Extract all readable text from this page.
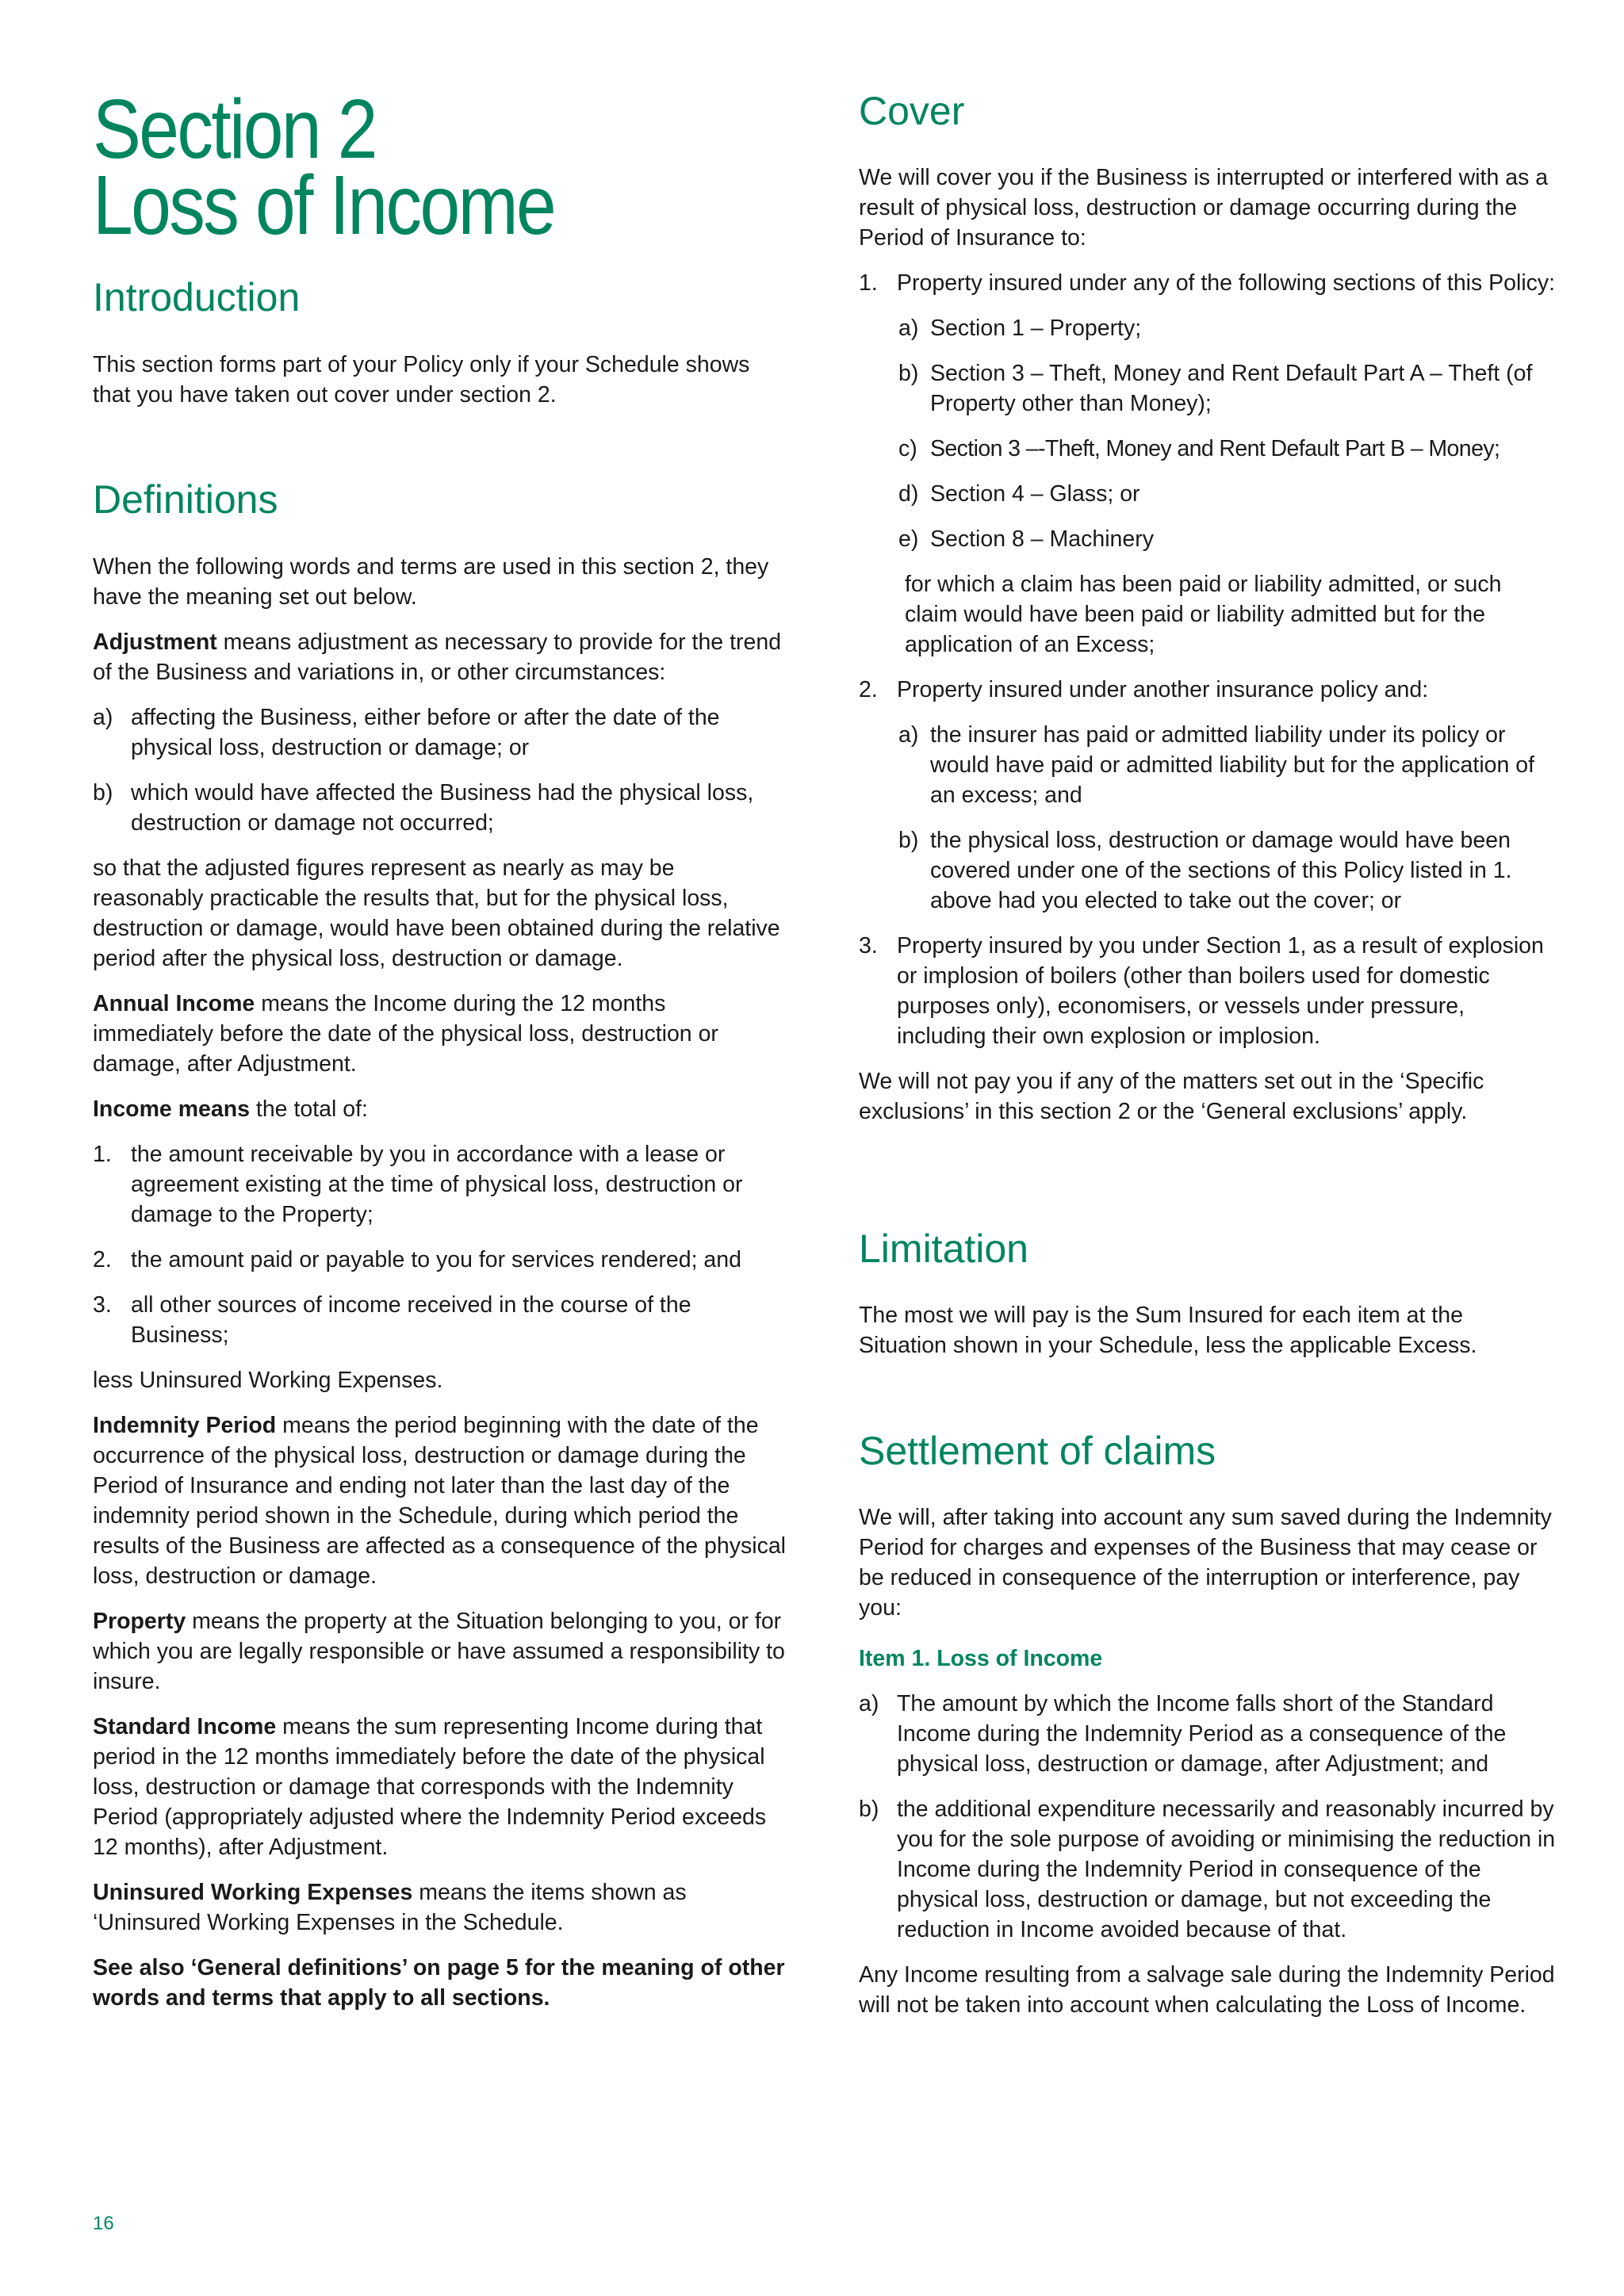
Section 2
Loss of Income
Introduction

This section forms part of your Policy only if your Schedule shows that you have taken out cover under section 2.

Definitions

When the following words and terms are used in this section 2, they have the meaning set out below.

Adjustment means adjustment as necessary to provide for the trend of the Business and variations in, or other circumstances:

a) affecting the Business, either before or after the date of the physical loss, destruction or damage; or
b) which would have affected the Business had the physical loss, destruction or damage not occurred;

so that the adjusted figures represent as nearly as may be reasonably practicable the results that, but for the physical loss, destruction or damage, would have been obtained during the relative period after the physical loss, destruction or damage.

Annual Income means the Income during the 12 months immediately before the date of the physical loss, destruction or damage, after Adjustment.

Income means the total of:

1. the amount receivable by you in accordance with a lease or agreement existing at the time of physical loss, destruction or damage to the Property;
2. the amount paid or payable to you for services rendered; and
3. all other sources of income received in the course of the Business;

less Uninsured Working Expenses.

Indemnity Period means the period beginning with the date of the occurrence of the physical loss, destruction or damage during the Period of Insurance and ending not later than the last day of the indemnity period shown in the Schedule, during which period the results of the Business are affected as a consequence of the physical loss, destruction or damage.

Property means the property at the Situation belonging to you, or for which you are legally responsible or have assumed a responsibility to insure.

Standard Income means the sum representing Income during that period in the 12 months immediately before the date of the physical loss, destruction or damage that corresponds with the Indemnity Period (appropriately adjusted where the Indemnity Period exceeds 12 months), after Adjustment.

Uninsured Working Expenses means the items shown as ‘Uninsured Working Expenses in the Schedule.

See also ‘General definitions’ on page 5 for the meaning of other words and terms that apply to all sections.

Cover

We will cover you if the Business is interrupted or interfered with as a result of physical loss, destruction or damage occurring during the Period of Insurance to:

1. Property insured under any of the following sections of this Policy:
a) Section 1 – Property;
b) Section 3 – Theft, Money and Rent Default Part A – Theft (of Property other than Money);
c) Section 3 –-Theft, Money and Rent Default Part B – Money;
d) Section 4 – Glass; or
e) Section 8 – Machinery

for which a claim has been paid or liability admitted, or such claim would have been paid or liability admitted but for the application of an Excess;

2. Property insured under another insurance policy and:
a) the insurer has paid or admitted liability under its policy or would have paid or admitted liability but for the application of an excess; and
b) the physical loss, destruction or damage would have been covered under one of the sections of this Policy listed in 1. above had you elected to take out the cover; or
3. Property insured by you under Section 1, as a result of explosion or implosion of boilers (other than boilers used for domestic purposes only), economisers, or vessels under pressure, including their own explosion or implosion.

We will not pay you if any of the matters set out in the ‘Specific exclusions’ in this section 2 or the ‘General exclusions’ apply.

Limitation

The most we will pay is the Sum Insured for each item at the Situation shown in your Schedule, less the applicable Excess.

Settlement of claims

We will, after taking into account any sum saved during the Indemnity Period for charges and expenses of the Business that may cease or be reduced in consequence of the interruption or interference, pay you:

Item 1. Loss of Income
a) The amount by which the Income falls short of the Standard Income during the Indemnity Period as a consequence of the physical loss, destruction or damage, after Adjustment; and
b) the additional expenditure necessarily and reasonably incurred by you for the sole purpose of avoiding or minimising the reduction in Income during the Indemnity Period in consequence of the physical loss, destruction or damage, but not exceeding the reduction in Income avoided because of that.

Any Income resulting from a salvage sale during the Indemnity Period will not be taken into account when calculating the Loss of Income.

16
